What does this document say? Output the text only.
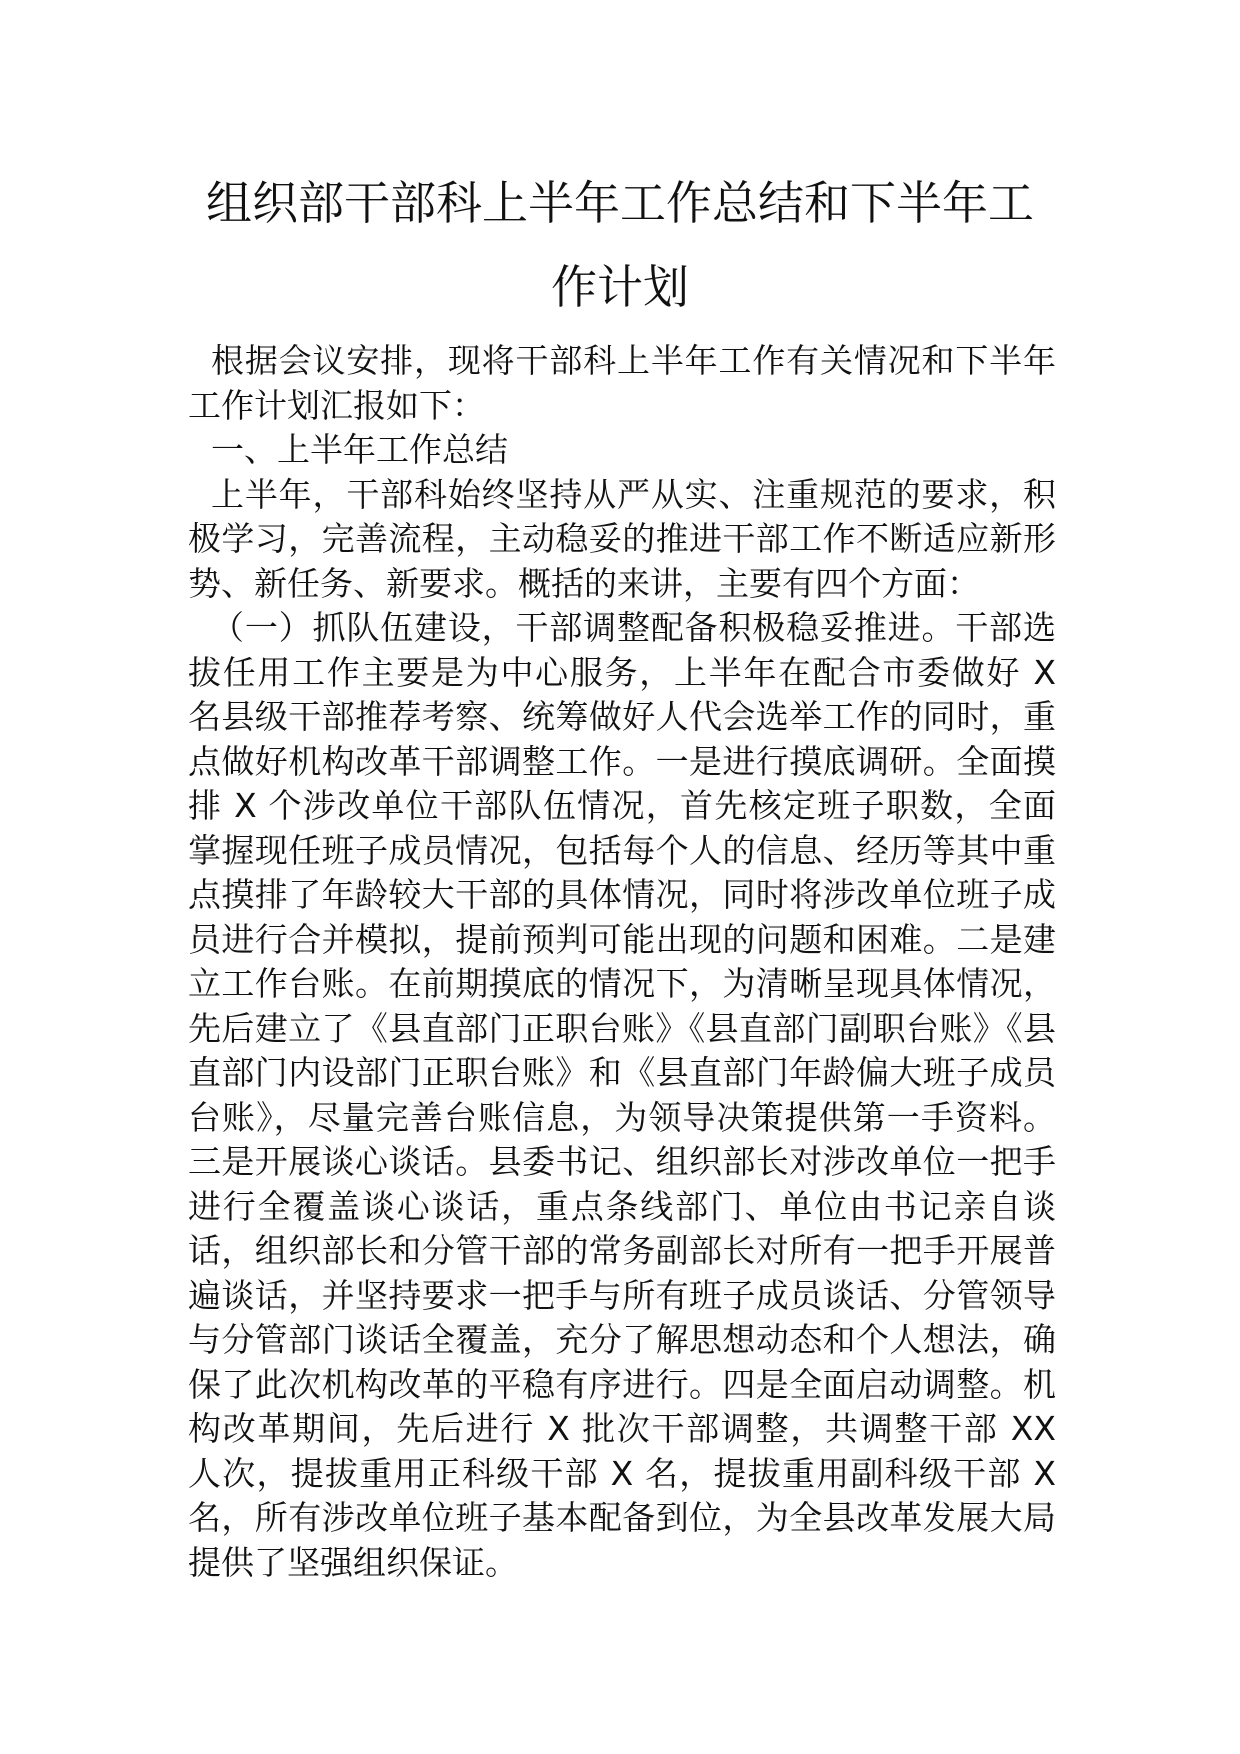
组织部干部科上半年工作总结和下半年工
作计划

根据会议安排，现将干部科上半年工作有关情况和下半年工作计划汇报如下：

一、上半年工作总结

上半年，干部科始终坚持从严从实、注重规范的要求，积极学习，完善流程，主动稳妥的推进干部工作不断适应新形势、新任务、新要求。概括的来讲，主要有四个方面：

（一）抓队伍建设，干部调整配备积极稳妥推进。干部选拔任用工作主要是为中心服务，上半年在配合市委做好 X 名县级干部推荐考察、统筹做好人代会选举工作的同时，重点做好机构改革干部调整工作。一是进行摸底调研。全面摸排 X 个涉改单位干部队伍情况，首先核定班子职数，全面掌握现任班子成员情况，包括每个人的信息、经历等其中重点摸排了年龄较大干部的具体情况，同时将涉改单位班子成员进行合并模拟，提前预判可能出现的问题和困难。二是建立工作台账。在前期摸底的情况下，为清晰呈现具体情况，先后建立了《县直部门正职台账》《县直部门副职台账》《县直部门内设部门正职台账》和《县直部门年龄偏大班子成员台账》，尽量完善台账信息，为领导决策提供第一手资料。三是开展谈心谈话。县委书记、组织部长对涉改单位一把手进行全覆盖谈心谈话，重点条线部门、单位由书记亲自谈话，组织部长和分管干部的常务副部长对所有一把手开展普遍谈话，并坚持要求一把手与所有班子成员谈话、分管领导与分管部门谈话全覆盖，充分了解思想动态和个人想法，确保了此次机构改革的平稳有序进行。四是全面启动调整。机构改革期间，先后进行 X 批次干部调整，共调整干部 XX 人次，提拔重用正科级干部 X 名，提拔重用副科级干部 X 名，所有涉改单位班子基本配备到位，为全县改革发展大局提供了坚强组织保证。
